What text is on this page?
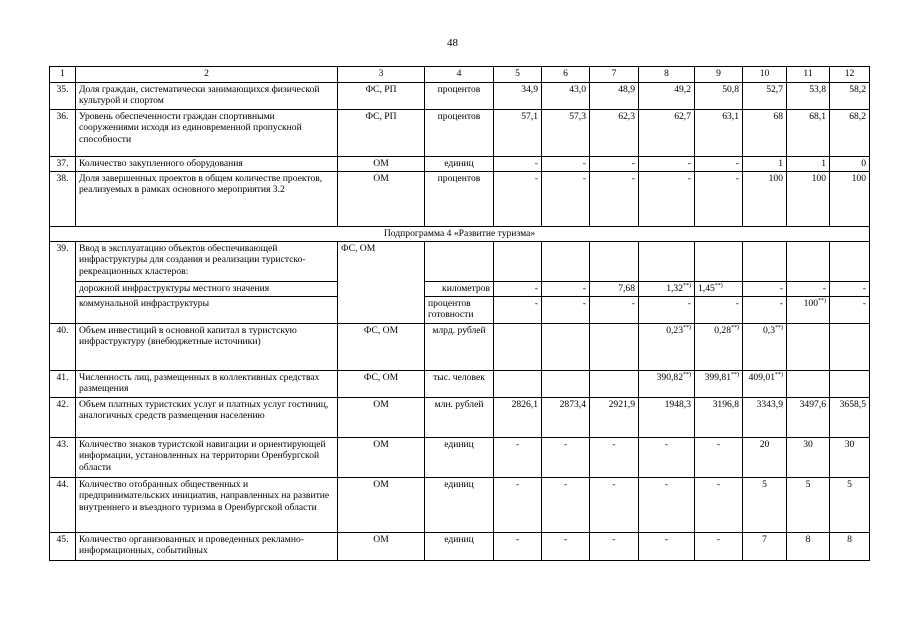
48
1	2	3	4	5	6	7	8	9	10	11	12
35.	Доля граждан, систематически занимающихся физической культурой и спортом	ФС, РП	процентов	34,9	43,0	48,9	49,2	50,8	52,7	53,8	58,2
36.	Уровень обеспеченности граждан спортивными сооружениями исходя из единовременной пропускной способности	ФС, РП	процентов	57,1	57,3	62,3	62,7	63,1	68	68,1	68,2
37.	Количество закупленного оборудования	ОМ	единиц	-	-	-	-	-	1	1	0
38.	Доля завершенных проектов в общем количестве проектов, реализуемых в рамках основного мероприятия 3.2	ОМ	процентов	-	-	-	-	-	100	100	100
Подпрограмма 4 «Развитие туризма»											
39.	Ввод в эксплуатацию объектов обеспечивающей инфраструктуры для создания и реализации туристско-рекреационных кластеров:	ФС, ОМ									
	дорожной инфраструктуры местного значения		километров	-	-	7,68	1,32**)	1,45**)	-	-	-
	коммунальной инфраструктуры		процентов готовности	-	-	-	-	-	-	100**)	-
40.	Объем инвестиций в основной капитал в туристскую инфраструктуру (внебюджетные источники)	ФС, ОМ	млрд. рублей				0,23**)	0,28**)	0,3**)		
41.	Численность лиц, размещенных в коллективных средствах размещения	ФС, ОМ	тыс. человек				390,82**)	399,81**)	409,01**)		
42.	Объем платных туристских услуг и платных услуг гостиниц, аналогичных средств размещения населению	ОМ	млн. рублей	2826,1	2873,4	2921,9	1948,3	3196,8	3343,9	3497,6	3658,5
43.	Количество знаков туристской навигации и ориентирующей информации, установленных на территории Оренбургской области	ОМ	единиц	-	-	-	-	-	20	30	30
44.	Количество отобранных общественных и предпринимательских инициатив, направленных на развитие внутреннего и въездного туризма в Оренбургской области	ОМ	единиц	-	-	-	-	-	5	5	5
45.	Количество организованных и проведенных рекламно-информационных, событийных	ОМ	единиц	-	-	-	-	-	7	8	8
